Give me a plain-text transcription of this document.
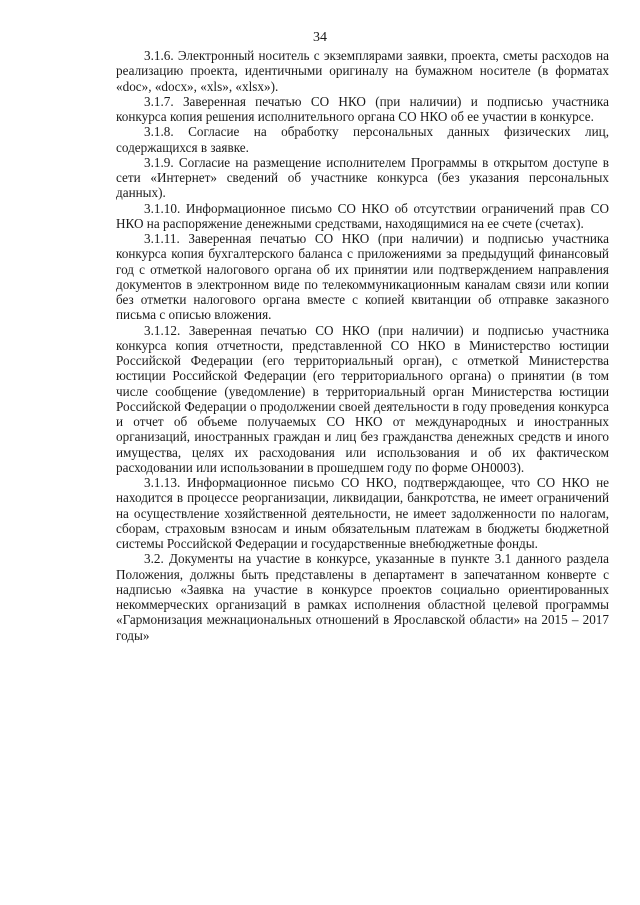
34

3.1.6. Электронный носитель с экземплярами заявки, проекта, сметы расходов на реализацию проекта, идентичными оригиналу на бумажном носителе (в форматах «doc», «docx», «xls», «xlsx»).

3.1.7. Заверенная печатью СО НКО (при наличии) и подписью участника конкурса копия решения исполнительного органа СО НКО об ее участии в конкурсе.

3.1.8. Согласие на обработку персональных данных физических лиц, содержащихся в заявке.

3.1.9. Согласие на размещение исполнителем Программы в открытом доступе в сети «Интернет» сведений об участнике конкурса (без указания персональных данных).

3.1.10. Информационное письмо СО НКО об отсутствии ограничений прав СО НКО на распоряжение денежными средствами, находящимися на ее счете (счетах).

3.1.11. Заверенная печатью СО НКО (при наличии) и подписью участника конкурса копия бухгалтерского баланса с приложениями за предыдущий финансовый год с отметкой налогового органа об их принятии или подтверждением направления документов в электронном виде по телекоммуникационным каналам связи или копии без отметки налогового органа вместе с копией квитанции об отправке заказного письма с описью вложения.

3.1.12. Заверенная печатью СО НКО (при наличии) и подписью участника конкурса копия отчетности, представленной СО НКО в Министерство юстиции Российской Федерации (его территориальный орган), с отметкой Министерства юстиции Российской Федерации (его территориального органа) о принятии (в том числе сообщение (уведомление) в территориальный орган Министерства юстиции Российской Федерации о продолжении своей деятельности в году проведения конкурса и отчет об объеме получаемых СО НКО от международных и иностранных организаций, иностранных граждан и лиц без гражданства денежных средств и иного имущества, целях их расходования или использования и об их фактическом расходовании или использовании в прошедшем году по форме ОН0003).

3.1.13. Информационное письмо СО НКО, подтверждающее, что СО НКО не находится в процессе реорганизации, ликвидации, банкротства, не имеет ограничений на осуществление хозяйственной деятельности, не имеет задолженности по налогам, сборам, страховым взносам и иным обязательным платежам в бюджеты бюджетной системы Российской Федерации и государственные внебюджетные фонды.

3.2. Документы на участие в конкурсе, указанные в пункте 3.1 данного раздела Положения, должны быть представлены в департамент в запечатанном конверте с надписью «Заявка на участие в конкурсе проектов социально ориентированных некоммерческих организаций в рамках исполнения областной целевой программы «Гармонизация межнациональных отношений в Ярославской области» на 2015 – 2017 годы»
